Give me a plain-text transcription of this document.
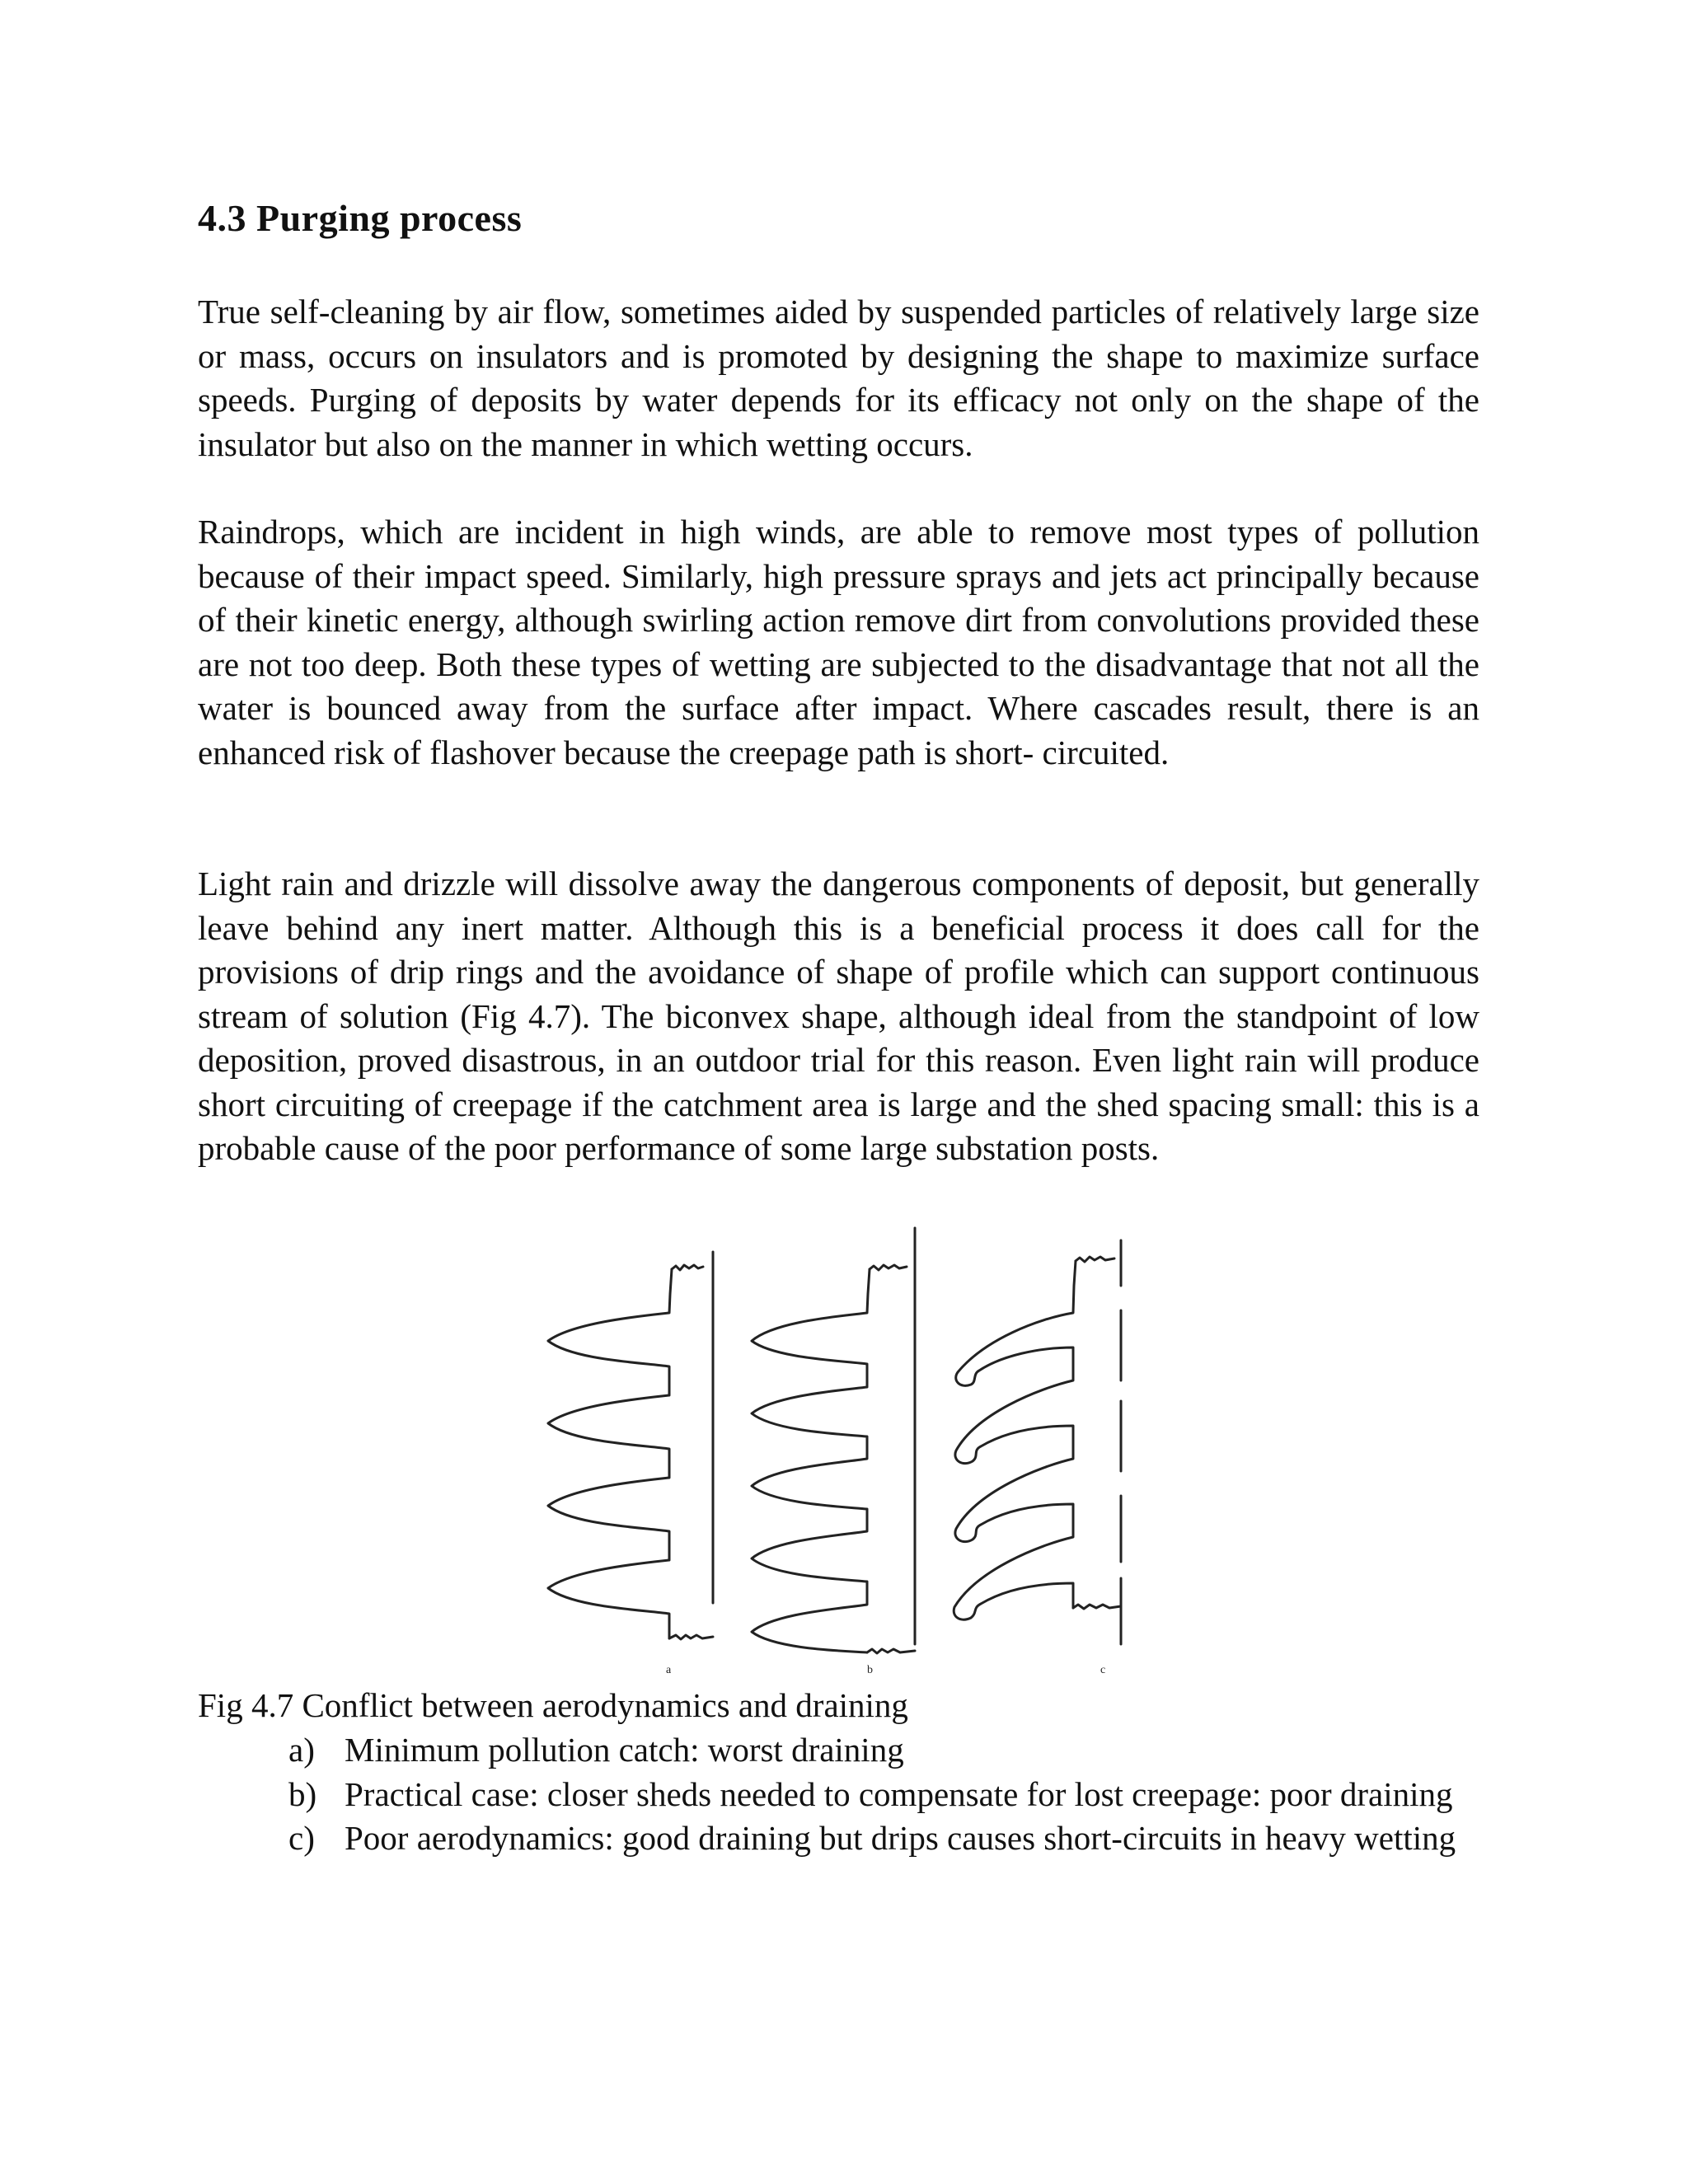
4.3 Purging process

True self-cleaning by air flow, sometimes aided by suspended particles of relatively large size or mass, occurs on insulators and is promoted by designing the shape to maximize surface speeds. Purging of deposits by water depends for its efficacy not only on the shape of the insulator but also on the manner in which wetting occurs.

Raindrops, which are incident in high winds, are able to remove most types of pollution because of their impact speed. Similarly, high pressure sprays and jets act principally because of their kinetic energy, although swirling action remove dirt from convolutions provided these are not too deep. Both these types of wetting are subjected to the disadvantage that not all the water is bounced away from the surface after impact. Where cascades result, there is an enhanced risk of flashover because the creepage path is short- circuited.

Light rain and drizzle will dissolve away the dangerous components of deposit, but generally leave behind any inert matter. Although this is a beneficial process it does call for the provisions of drip rings and the avoidance of shape of profile which can support continuous stream of solution (Fig 4.7). The biconvex shape, although ideal from the standpoint of low deposition, proved disastrous, in an outdoor trial for this reason. Even light rain will produce short circuiting of creepage if the catchment area is large and the shed spacing small: this is a probable cause of the poor performance of some large substation posts.

a	b	c

Fig 4.7 Conflict between aerodynamics and draining

a) Minimum pollution catch: worst draining
b) Practical case: closer sheds needed to compensate for lost creepage: poor draining
c) Poor aerodynamics: good draining but drips causes short-circuits in heavy wetting
